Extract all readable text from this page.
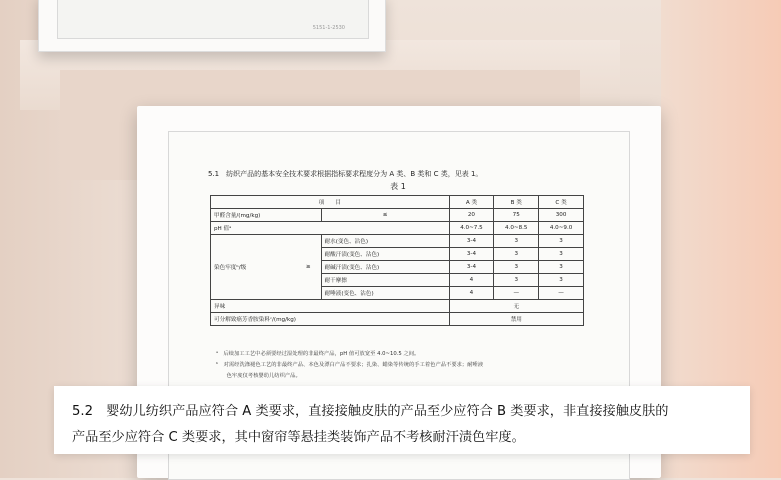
5151-1-2530
5.1　纺织产品的基本安全技术要求根据指标要求程度分为 A 类、B 类和 C 类，见表 1。
表 1
项　　目			A 类	B 类	C 类
甲醛含量/(mg/kg)		≤	20	75	300
pH 值ᵃ			4.0~7.5	4.0~8.5	4.0~9.0
染色牢度ᵇ/级	≥	耐水(变色、沾色)	3-4	3	3
		耐酸汗渍(变色、沾色)	3-4	3	3
		耐碱汗渍(变色、沾色)	3-4	3	3
		耐干摩擦	4	3	3
		耐唾液(变色、沾色)	4	—	—
异味			无		
可分解致癌芳香胺染料ᶜ/(mg/kg)			禁用		
ᵃ　后续加工工艺中必须要经过湿处理的非最终产品，pH 值可放宽至 4.0~10.5 之间。
ᵇ　对需经洗涤褪色工艺的非最终产品、本色及漂白产品不要求；扎染、蜡染等传统的手工着色产品不要求；耐唾液
　　色牢度仅考核婴幼儿纺织产品。

5.2　婴幼儿纺织产品应符合 A 类要求，直接接触皮肤的产品至少应符合 B 类要求，非直接接触皮肤的

产品至少应符合 C 类要求，其中窗帘等悬挂类装饰产品不考核耐汗渍色牢度。
